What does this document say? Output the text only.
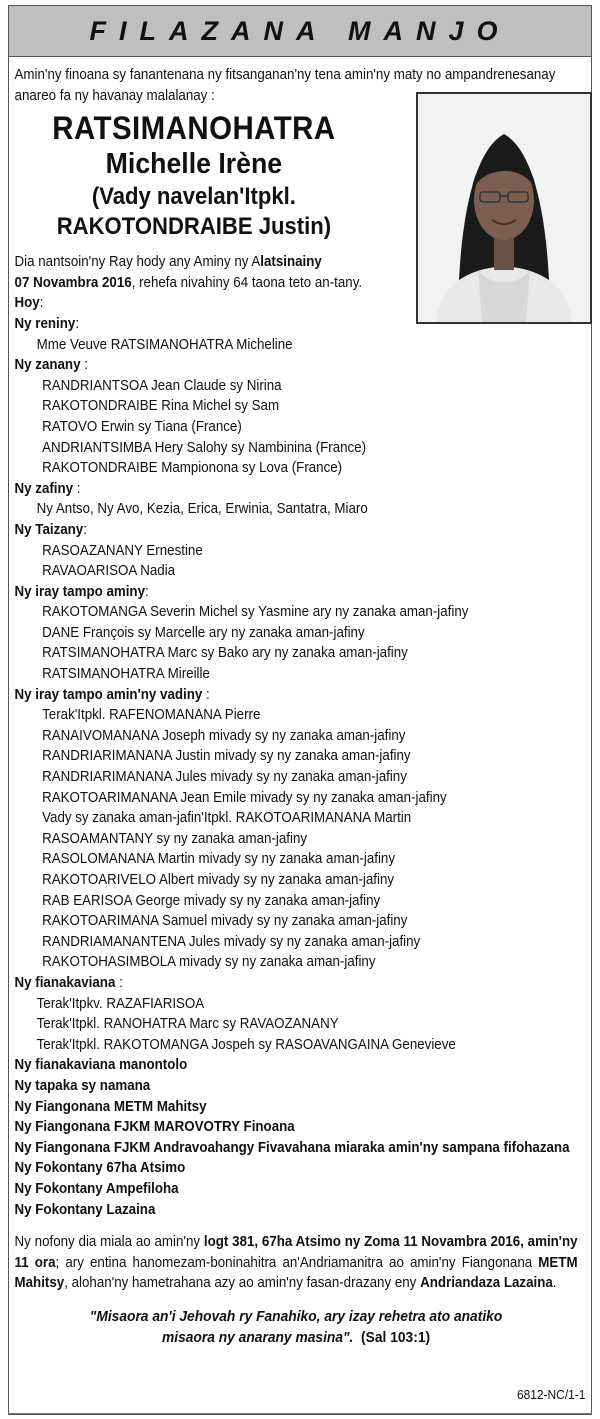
FILAZANA MANJO
Amin'ny finoana sy fanantenana ny fitsanganan'ny tena amin'ny maty no ampandrenesanay anareo fa ny havanay malalanay :
RATSIMANOHATRA
Michelle Irène
(Vady navelan'Itpkl.
RAKOTONDRAIBE Justin)
Dia nantsoin'ny Ray hody any Aminy ny Alatsinainy
07 Novambra 2016, rehefa nivahiny 64 taona teto an-tany.
Hoy:
Ny reniny:
Mme Veuve RATSIMANOHATRA Micheline
Ny zanany :
RANDRIANTSOA Jean Claude sy Nirina
RAKOTONDRAIBE Rina Michel sy Sam
RATOVO Erwin sy Tiana (France)
ANDRIANTSIMBA Hery Salohy sy Nambinina (France)
RAKOTONDRAIBE Mampionona sy Lova (France)
Ny zafiny :
Ny Antso, Ny Avo, Kezia, Erica, Erwinia, Santatra, Miaro
Ny Taizany:
RASOAZANANY Ernestine
RAVAOARISOA Nadia
Ny iray tampo aminy:
RAKOTOMANGA Severin Michel sy Yasmine ary ny zanaka aman-jafiny
DANE François sy Marcelle ary ny zanaka aman-jafiny
RATSIMANOHATRA Marc sy Bako ary ny zanaka aman-jafiny
RATSIMANOHATRA Mireille
Ny iray tampo amin'ny vadiny :
Terak'Itpkl. RAFENOMANANA Pierre
RANAIVOMANANA Joseph mivady sy ny zanaka aman-jafiny
RANDRIARIMANANA Justin mivady sy ny zanaka aman-jafiny
RANDRIARIMANANA Jules mivady sy ny zanaka aman-jafiny
RAKOTOARIMANANA Jean Emile mivady sy ny zanaka aman-jafiny
Vady sy zanaka aman-jafin'Itpkl. RAKOTOARIMANANA Martin
RASOAMANTANY sy ny zanaka aman-jafiny
RASOLOMANANA Martin mivady sy ny zanaka aman-jafiny
RAKOTOARIVELO Albert mivady sy ny zanaka aman-jafiny
RAB EARISOA George mivady sy ny zanaka aman-jafiny
RAKOTOARIMANA Samuel mivady sy ny zanaka aman-jafiny
RANDRIAMANANTENA Jules mivady sy ny zanaka aman-jafiny
RAKOTOHASIMBOLA mivady sy ny zanaka aman-jafiny
Ny fianakaviana :
Terak'Itpkv. RAZAFIARISOA
Terak'Itpkl. RANOHATRA Marc sy RAVAOZANANY
Terak'Itpkl. RAKOTOMANGA Jospeh sy RASOAVANGAINA Genevieve
Ny fianakaviana manontolo
Ny tapaka sy namana
Ny Fiangonana METM Mahitsy
Ny Fiangonana FJKM MAROVOTRY Finoana
Ny Fiangonana FJKM Andravoahangy Fivavahana miaraka amin'ny sampana fifohazana
Ny Fokontany 67ha Atsimo
Ny Fokontany Ampefiloha
Ny Fokontany Lazaina
Ny nofony dia miala ao amin'ny logt 381, 67ha Atsimo ny Zoma 11 Novambra 2016, amin'ny 11 ora; ary entina hanomezam-boninahitra an'Andriamanitra ao amin'ny Fiangonana METM Mahitsy, alohan'ny hametrahana azy ao amin'ny fasan-drazany eny Andriandaza Lazaina.
"Misaora an'i Jehovah ry Fanahiko, ary izay rehetra ato anatiko
misaora ny anarany masina". (Sal 103:1)
6812-NC/1-1
